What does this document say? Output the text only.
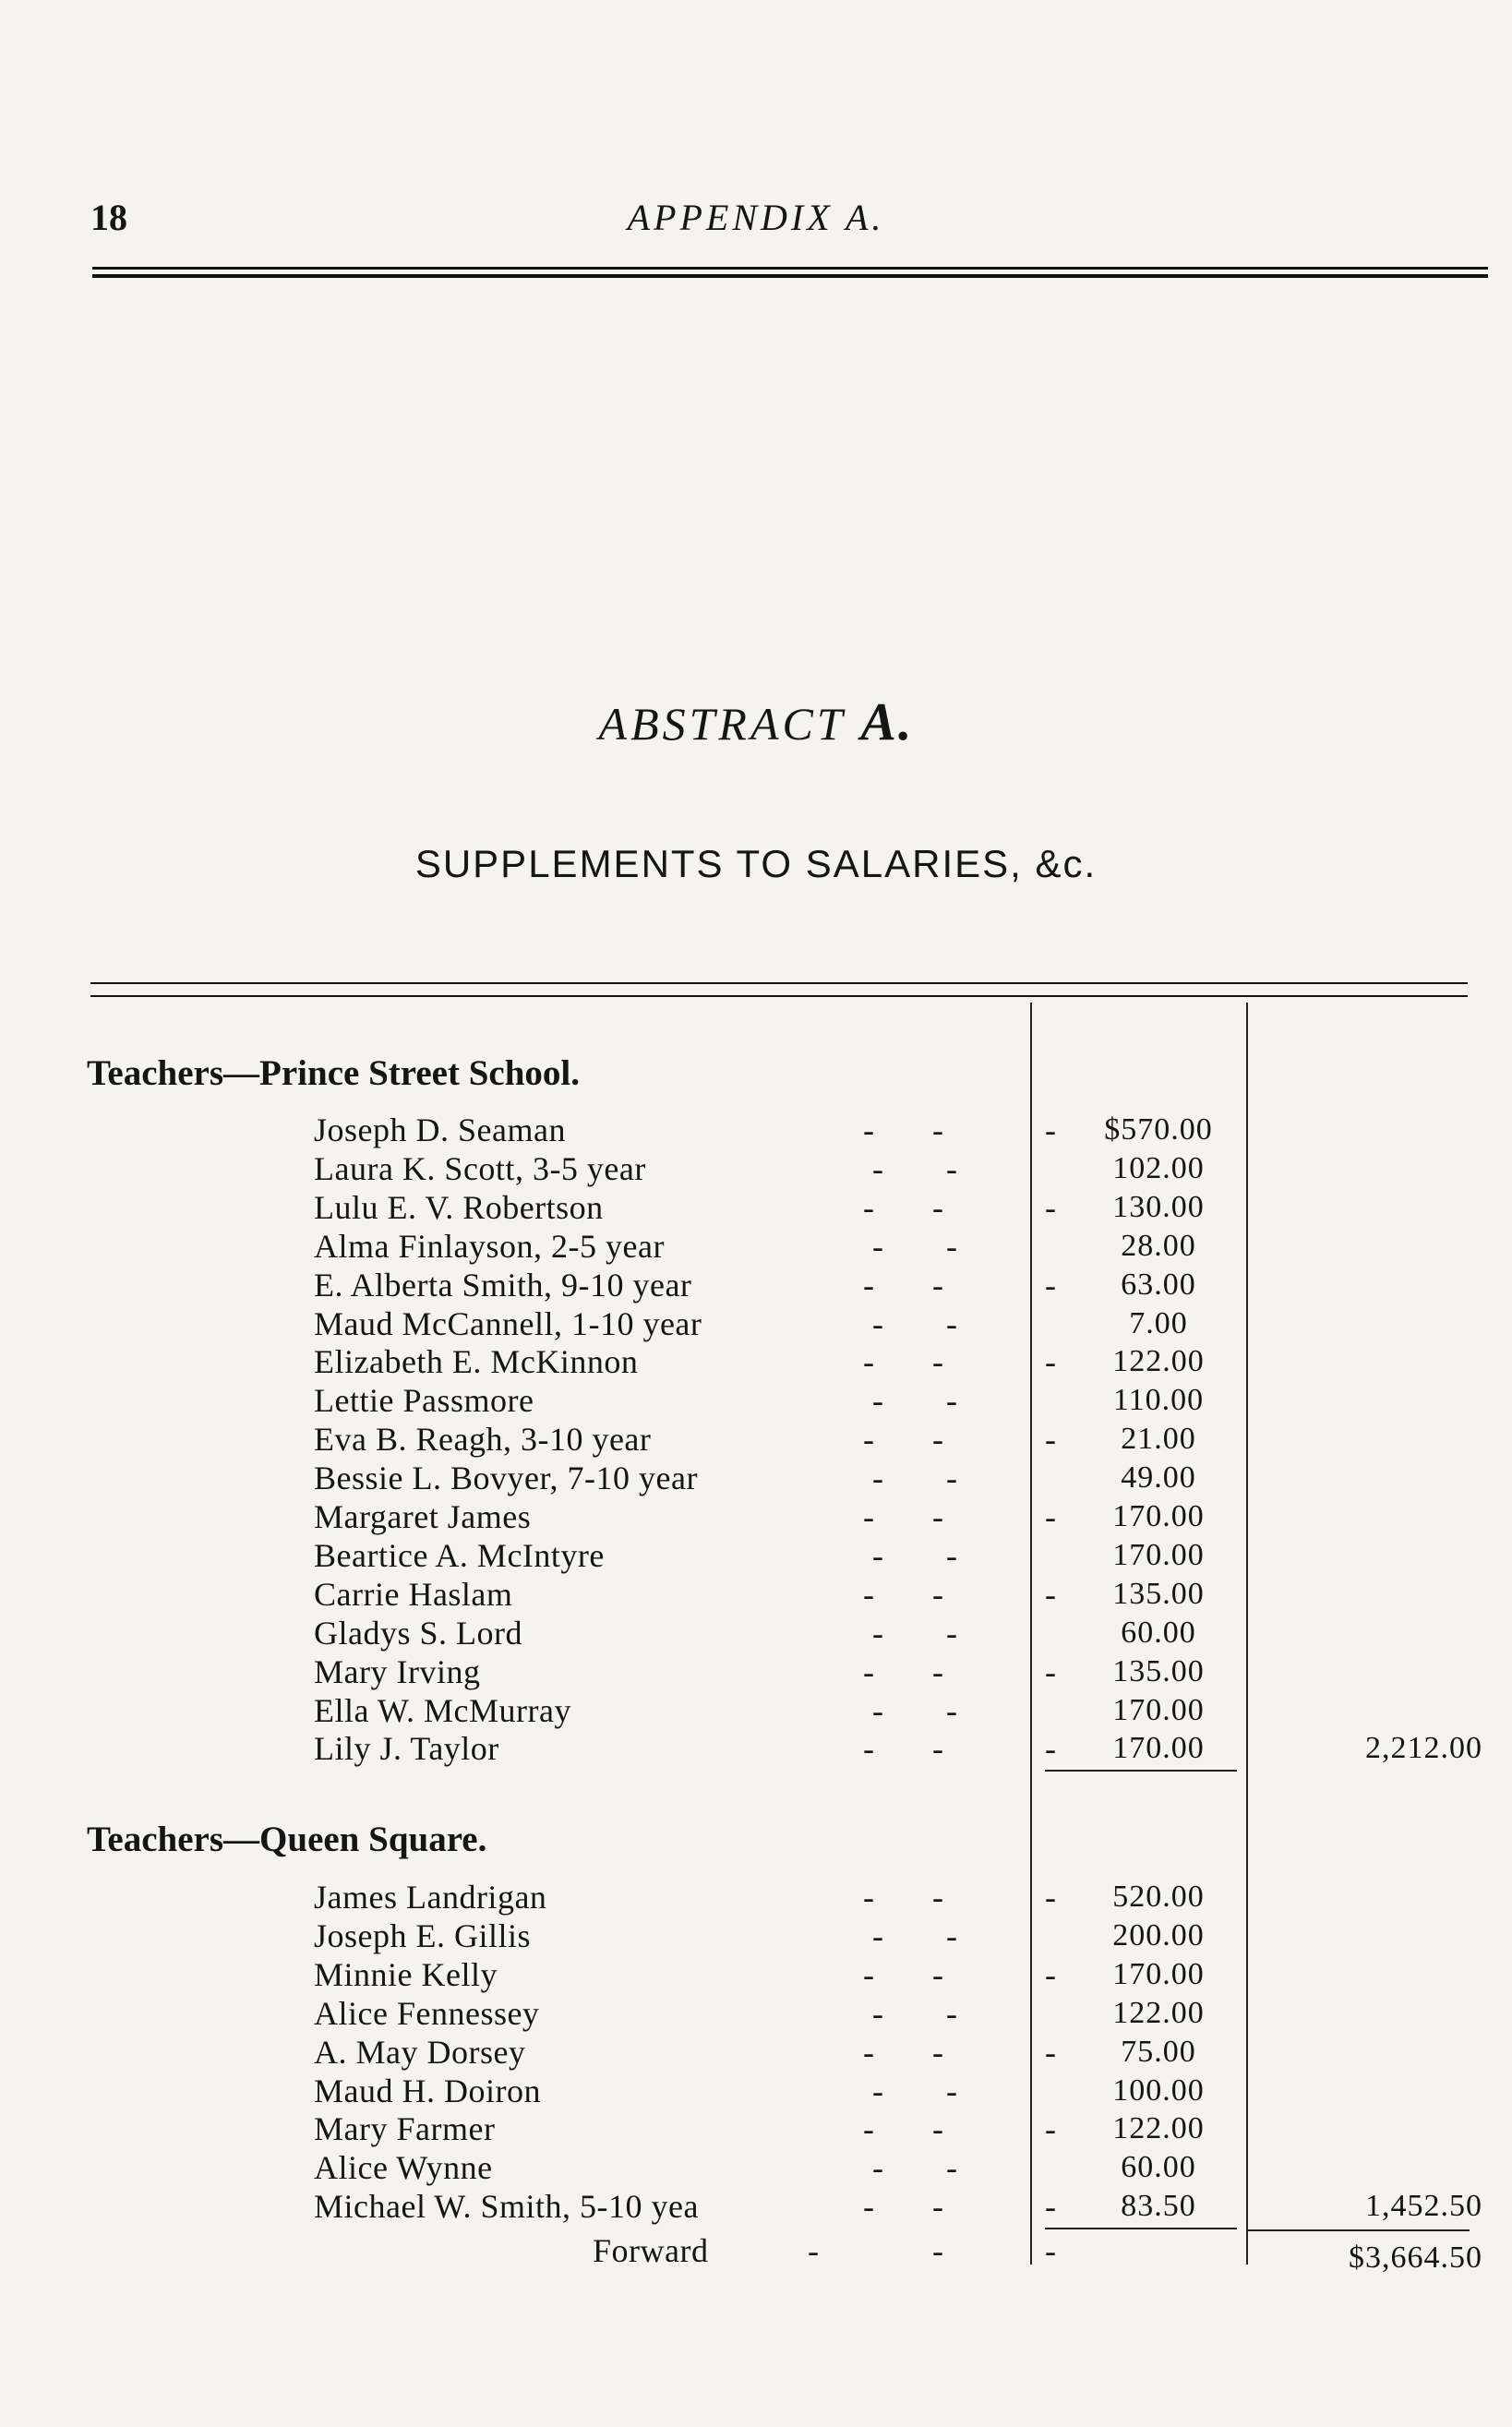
18	APPENDIX A.
ABSTRACT A.
SUPPLEMENTS TO SALARIES, &c.
Teachers—Prince Street School.
Joseph D. Seaman	- -	-	$570.00
Laura K. Scott, 3-5 year	- -	102.00
Lulu E. V. Robertson	- -	-	130.00
Alma Finlayson, 2-5 year	- -	28.00
E. Alberta Smith, 9-10 year	- -	-	63.00
Maud McCannell, 1-10 year	- -	7.00
Elizabeth E. McKinnon	- -	-	122.00
Lettie Passmore	- -	110.00
Eva B. Reagh, 3-10 year	- -	-	21.00
Bessie L. Bovyer, 7-10 year	- -	49.00
Margaret James	- -	-	170.00
Beartice A. McIntyre	- -	170.00
Carrie Haslam	- -	-	135.00
Gladys S. Lord	- -	60.00
Mary Irving	- -	-	135.00
Ella W. McMurray	- -	170.00
Lily J. Taylor	- -	-	170.00	2,212.00
Teachers—Queen Square.
James Landrigan	- -	-	520.00
Joseph E. Gillis	- -	200.00
Minnie Kelly	- -	-	170.00
Alice Fennessey	- -	122.00
A. May Dorsey	- -	-	75.00
Maud H. Doiron	- -	100.00
Mary Farmer	- -	-	122.00
Alice Wynne	- -	60.00
Michael W. Smith, 5-10 yea	- -	-	83.50	1,452.50
Forward	-	-	-	$3,664.50
